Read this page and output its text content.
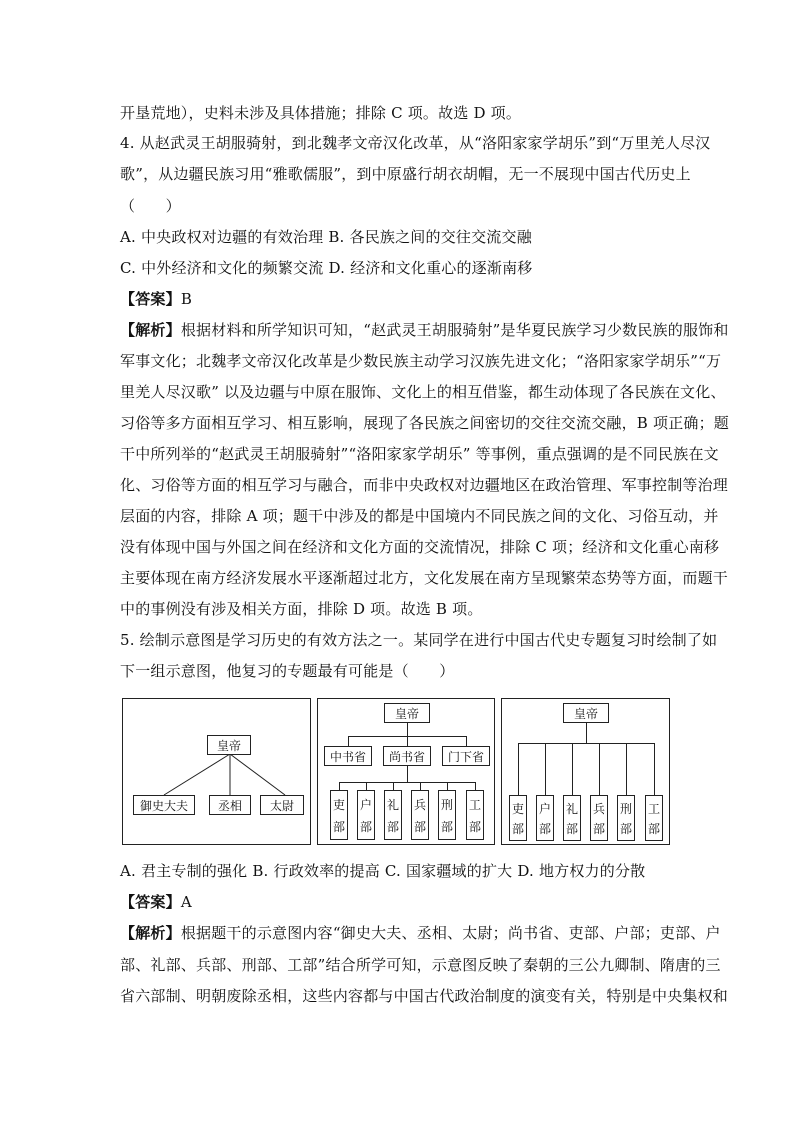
开垦荒地），史料未涉及具体措施；排除 C 项。故选 D 项。
4. 从赵武灵王胡服骑射，到北魏孝文帝汉化改革，从“洛阳家家学胡乐”到“万里羌人尽汉
歌”，从边疆民族习用“雅歌儒服”，到中原盛行胡衣胡帽，无一不展现中国古代历史上
（　　）
A. 中央政权对边疆的有效治理 B. 各民族之间的交往交流交融
C. 中外经济和文化的频繁交流 D. 经济和文化重心的逐渐南移
【答案】B
【解析】根据材料和所学知识可知，“赵武灵王胡服骑射”是华夏民族学习少数民族的服饰和
军事文化；北魏孝文帝汉化改革是少数民族主动学习汉族先进文化；“洛阳家家学胡乐”“万
里羌人尽汉歌” 以及边疆与中原在服饰、文化上的相互借鉴，都生动体现了各民族在文化、
习俗等多方面相互学习、相互影响，展现了各民族之间密切的交往交流交融，B 项正确；题
干中所列举的“赵武灵王胡服骑射”“洛阳家家学胡乐” 等事例，重点强调的是不同民族在文
化、习俗等方面的相互学习与融合，而非中央政权对边疆地区在政治管理、军事控制等治理
层面的内容，排除 A 项；题干中涉及的都是中国境内不同民族之间的文化、习俗互动，并
没有体现中国与外国之间在经济和文化方面的交流情况，排除 C 项；经济和文化重心南移
主要体现在南方经济发展水平逐渐超过北方，文化发展在南方呈现繁荣态势等方面，而题干
中的事例没有涉及相关方面，排除 D 项。故选 B 项。
5. 绘制示意图是学习历史的有效方法之一。某同学在进行中国古代史专题复习时绘制了如
下一组示意图，他复习的专题最有可能是（　　）
皇帝
御史大夫	丞相	太尉
皇帝
中书省	尚书省	门下省
吏
部
户
部
礼
部
兵
部
刑
部
工
部
皇帝
吏
部
户
部
礼
部
兵
部
刑
部
工
部
A. 君主专制的强化 B. 行政效率的提高 C. 国家疆域的扩大 D. 地方权力的分散
【答案】A
【解析】根据题干的示意图内容“御史大夫、丞相、太尉；尚书省、吏部、户部；吏部、户
部、礼部、兵部、刑部、工部”结合所学可知，示意图反映了秦朝的三公九卿制、隋唐的三
省六部制、明朝废除丞相，这些内容都与中国古代政治制度的演变有关，特别是中央集权和
